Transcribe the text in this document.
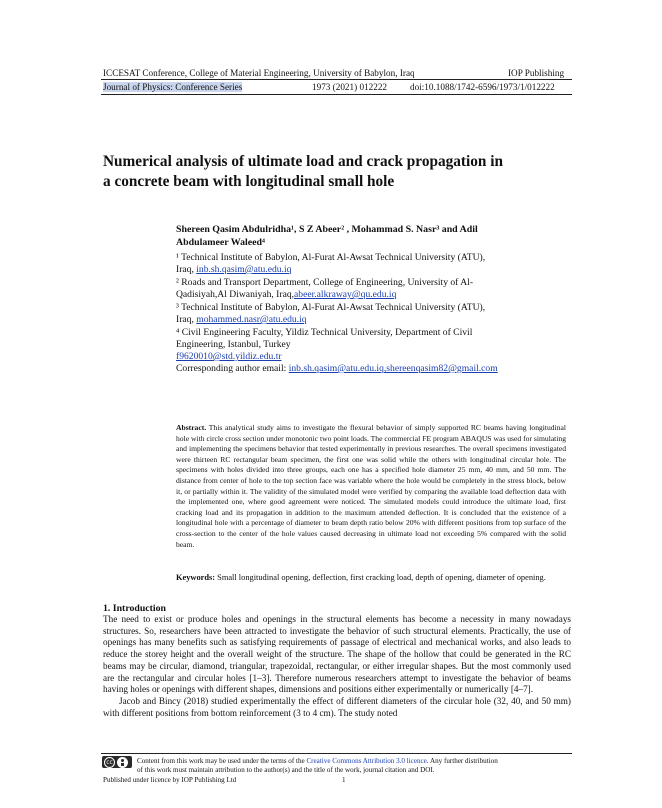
ICCESAT Conference, College of Material Engineering, University of Babylon, Iraq	IOP Publishing
Journal of Physics: Conference Series	1973 (2021) 012222 doi:10.1088/1742-6596/1973/1/012222
Numerical analysis of ultimate load and crack propagation in
a concrete beam with longitudinal small hole
Shereen Qasim Abdulridha¹, S Z Abeer² , Mohammad S. Nasr³ and Adil
Abdulameer Waleed⁴
¹ Technical Institute of Babylon, Al-Furat Al-Awsat Technical University (ATU),
Iraq, inb.sh.qasim@atu.edu.iq
² Roads and Transport Department, College of Engineering, University of Al-
Qadisiyah,Al Diwaniyah, Iraq,abeer.alkraway@qu.edu.iq
³ Technical Institute of Babylon, Al-Furat Al-Awsat Technical University (ATU),
Iraq, mohammed.nasr@atu.edu.iq
⁴ Civil Engineering Faculty, Yildiz Technical University, Department of Civil
Engineering, Istanbul, Turkey
f9620010@std.yildiz.edu.tr
Corresponding author email: inb.sh.qasim@atu.edu.iq,shereenqasim82@gmail.com
Abstract. This analytical study aims to investigate the flexural behavior of simply supported RC beams having longitudinal hole with circle cross section under monotonic two point loads. The commercial FE program ABAQUS was used for simulating and implementing the specimens behavior that tested experimentally in previous researches. The overall specimens investigated were thirteen RC rectangular beam specimen, the first one was solid while the others with longitudinal circular hole. The specimens with holes divided into three groups, each one has a specified hole diameter 25 mm, 40 mm, and 50 mm. The distance from center of hole to the top section face was variable where the hole would be completely in the stress block, below it, or partially within it. The validity of the simulated model were verified by comparing the available load deflection data with the implemented one, where good agreement were noticed. The simulated models could introduce the ultimate load, first cracking load and its propagation in addition to the maximum attended deflection. It is concluded that the existence of a longitudinal hole with a percentage of diameter to beam depth ratio below 20% with different positions from top surface of the cross-section to the center of the hole values caused decreasing in ultimate load not exceeding 5% compared with the solid beam.
Keywords: Small longitudinal opening, deflection, first cracking load, depth of opening, diameter of opening.
1. Introduction

The need to exist or produce holes and openings in the structural elements has become a necessity in many nowadays structures. So, researchers have been attracted to investigate the behavior of such structural elements. Practically, the use of openings has many benefits such as satisfying requirements of passage of electrical and mechanical works, and also leads to reduce the storey height and the overall weight of the structure. The shape of the hollow that could be generated in the RC beams may be circular, diamond, triangular, trapezoidal, rectangular, or either irregular shapes. But the most commonly used are the rectangular and circular holes [1–3]. Therefore numerous researchers attempt to investigate the behavior of beams having holes or openings with different shapes, dimensions and positions either experimentally or numerically [4–7].

Jacob and Bincy (2018) studied experimentally the effect of different diameters of the circular hole (32, 40, and 50 mm) with different positions from bottom reinforcement (3 to 4 cm). The study noted

cc	Content from this work may be used under the terms of the Creative Commons Attribution 3.0 licence. Any further distribution
of this work must maintain attribution to the author(s) and the title of the work, journal citation and DOI.
Published under licence by IOP Publishing Ltd	1
